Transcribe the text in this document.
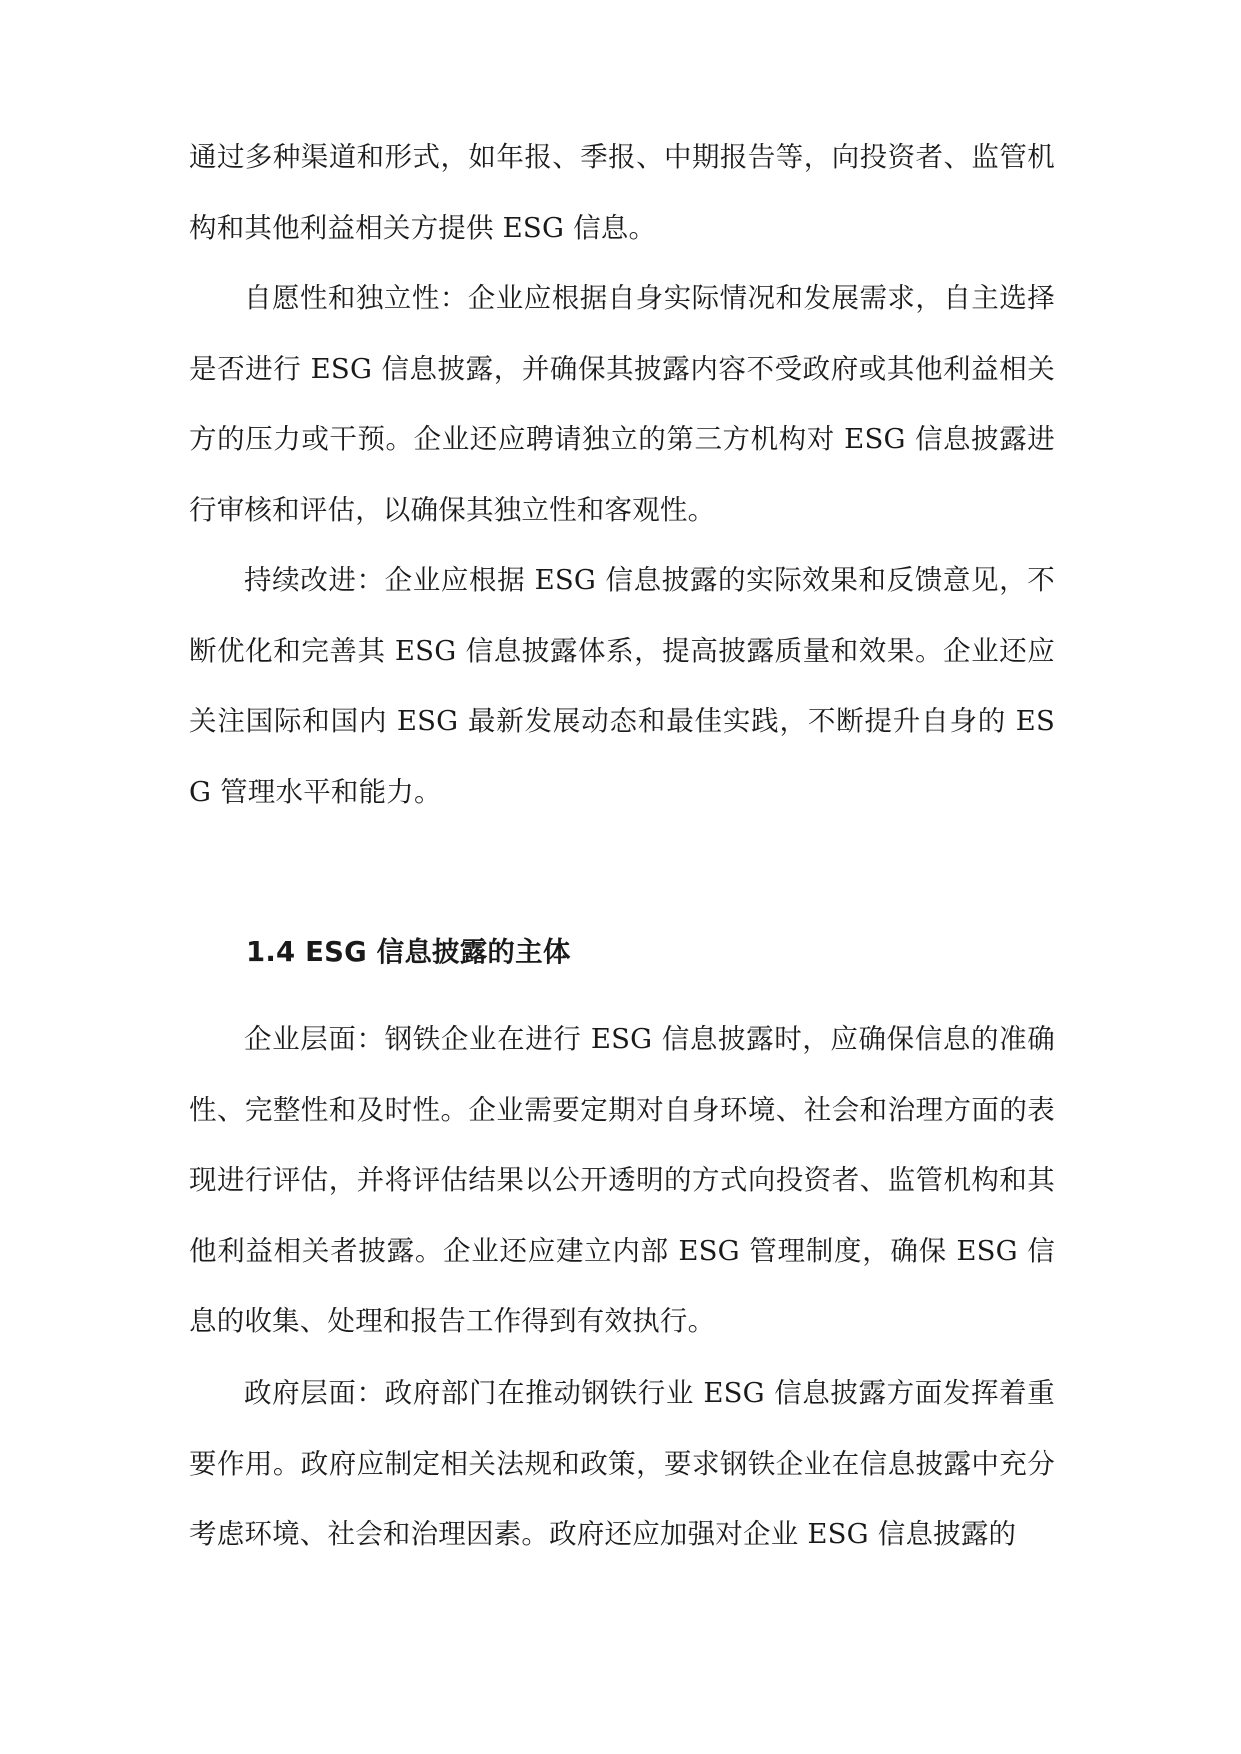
通过多种渠道和形式，如年报、季报、中期报告等，向投资者、监管机构和其他利益相关方提供 ESG 信息。

自愿性和独立性：企业应根据自身实际情况和发展需求，自主选择是否进行 ESG 信息披露，并确保其披露内容不受政府或其他利益相关方的压力或干预。企业还应聘请独立的第三方机构对 ESG 信息披露进行审核和评估，以确保其独立性和客观性。

持续改进：企业应根据 ESG 信息披露的实际效果和反馈意见，不断优化和完善其 ESG 信息披露体系，提高披露质量和效果。企业还应关注国际和国内 ESG 最新发展动态和最佳实践，不断提升自身的 ESG 管理水平和能力。

1.4 ESG 信息披露的主体

企业层面：钢铁企业在进行 ESG 信息披露时，应确保信息的准确性、完整性和及时性。企业需要定期对自身环境、社会和治理方面的表现进行评估，并将评估结果以公开透明的方式向投资者、监管机构和其他利益相关者披露。企业还应建立内部 ESG 管理制度，确保 ESG 信息的收集、处理和报告工作得到有效执行。

政府层面：政府部门在推动钢铁行业 ESG 信息披露方面发挥着重要作用。政府应制定相关法规和政策，要求钢铁企业在信息披露中充分考虑环境、社会和治理因素。政府还应加强对企业 ESG 信息披露的
